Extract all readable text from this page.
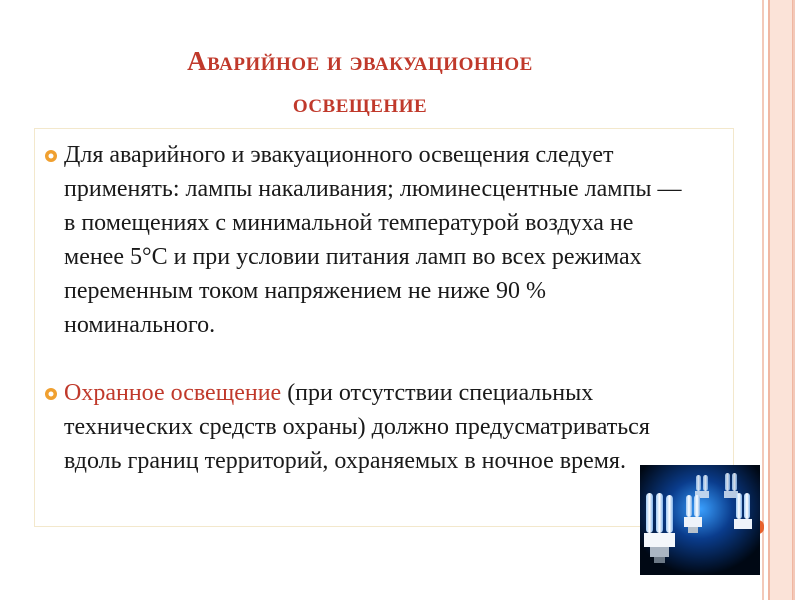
Аварийное и эвакуационное
освещение
Для аварийного и эвакуационного освещения следует применять: лампы накаливания; люминесцентные лампы — в помещениях с минимальной температурой воздуха не менее 5°С и при условии питания ламп во всех режимах переменным током напряжением не ниже 90 % номинального.
Охранное освещение (при отсутствии специальных технических средств охраны) должно предусматриваться вдоль границ территорий, охраняемых в ночное время.
